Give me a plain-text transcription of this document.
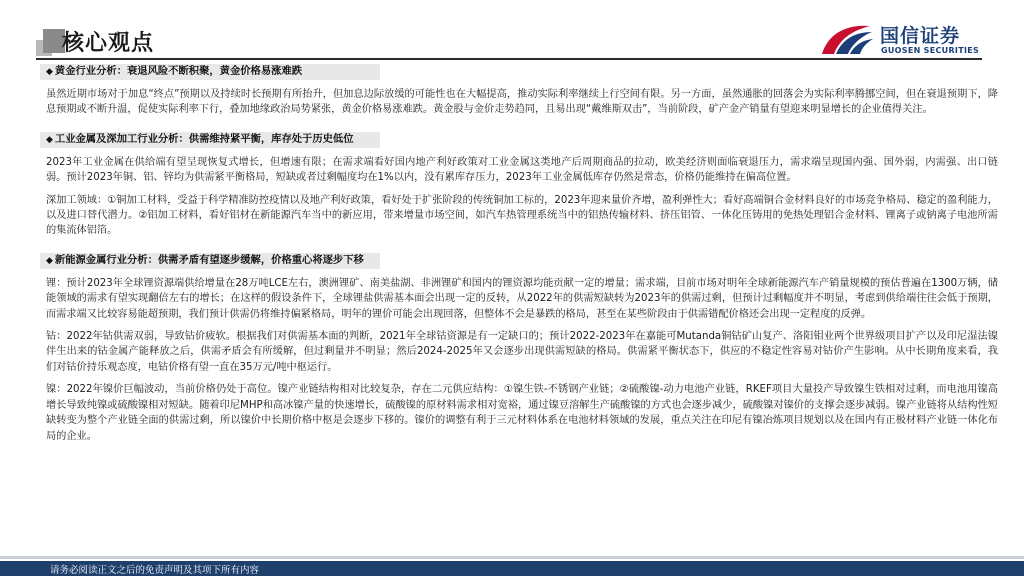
核心观点	国信证券
GUOSEN SECURITIES
◆ 黄金行业分析：衰退风险不断积聚，黄金价格易涨难跌

虽然近期市场对于加息“终点”预期以及持续时长预期有所抬升，但加息边际放缓的可能性也在大幅提高，推动实际利率继续上行空间有限。另一方面，虽然通胀的回落会为实际利率腾挪空间，但在衰退预期下，降息预期或不断升温，促使实际利率下行，叠加地缘政治局势紧张，黄金价格易涨难跌。黄金股与金价走势趋同，且易出现“戴维斯双击”，当前阶段，矿产金产销量有望迎来明显增长的企业值得关注。

◆ 工业金属及深加工行业分析：供需维持紧平衡，库存处于历史低位

2023年工业金属在供给端有望呈现恢复式增长，但增速有限；在需求端看好国内地产利好政策对工业金属这类地产后周期商品的拉动，欧美经济则面临衰退压力，需求端呈现国内强、国外弱，内需强、出口链弱。预计2023年铜、铝、锌均为供需紧平衡格局，短缺或者过剩幅度均在1%以内，没有累库存压力，2023年工业金属低库存仍然是常态，价格仍能维持在偏高位置。

深加工领域：①铜加工材料，受益于科学精准防控疫情以及地产利好政策，看好处于扩张阶段的传统铜加工标的，2023年迎来量价齐增，盈利弹性大；看好高端铜合金材料良好的市场竞争格局、稳定的盈利能力，以及进口替代潜力。②铝加工材料，看好铝材在新能源汽车当中的新应用，带来增量市场空间，如汽车热管理系统当中的铝热传输材料、挤压铝管、一体化压铸用的免热处理铝合金材料、锂离子或钠离子电池所需的集流体铝箔。

◆ 新能源金属行业分析：供需矛盾有望逐步缓解，价格重心将逐步下移

锂：预计2023年全球锂资源端供给增量在28万吨LCE左右，澳洲锂矿、南美盐湖、非洲锂矿和国内的锂资源均能贡献一定的增量；需求端，目前市场对明年全球新能源汽车产销量规模的预估普遍在1300万辆，储能领域的需求有望实现翻倍左右的增长；在这样的假设条件下，全球锂盐供需基本面会出现一定的反转，从2022年的供需短缺转为2023年的供需过剩，但预计过剩幅度并不明显，考虑到供给端往往会低于预期，而需求端又比较容易能超预期，我们预计供需仍将维持偏紧格局，明年的锂价可能会出现回落，但整体不会是暴跌的格局，甚至在某些阶段由于供需错配价格还会出现一定程度的反弹。

钴：2022年钴供需双弱，导致钴价疲软。根据我们对供需基本面的判断，2021年全球钴资源是有一定缺口的；预计2022-2023年在嘉能可Mutanda铜钴矿山复产、洛阳钼业两个世界级项目扩产以及印尼湿法镍伴生出来的钴金属产能释放之后，供需矛盾会有所缓解，但过剩量并不明显；然后2024-2025年又会逐步出现供需短缺的格局。供需紧平衡状态下，供应的不稳定性容易对钴价产生影响。从中长期角度来看，我们对钴价持乐观态度，电钴价格有望一直在35万元/吨中枢运行。

镍：2022年镍价巨幅波动，当前价格仍处于高位。镍产业链结构相对比较复杂，存在二元供应结构：①镍生铁-不锈钢产业链；②硫酸镍-动力电池产业链，RKEF项目大量投产导致镍生铁相对过剩，而电池用镍高增长导致纯镍或硫酸镍相对短缺。随着印尼MHP和高冰镍产量的快速增长，硫酸镍的原材料需求相对宽裕，通过镍豆溶解生产硫酸镍的方式也会逐步减少，硫酸镍对镍价的支撑会逐步减弱。镍产业链将从结构性短缺转变为整个产业链全面的供需过剩，所以镍价中长期价格中枢是会逐步下移的。镍价的调整有利于三元材料体系在电池材料领域的发展，重点关注在印尼有镍冶炼项目规划以及在国内有正极材料产业链一体化布局的企业。

请务必阅读正文之后的免责声明及其项下所有内容
